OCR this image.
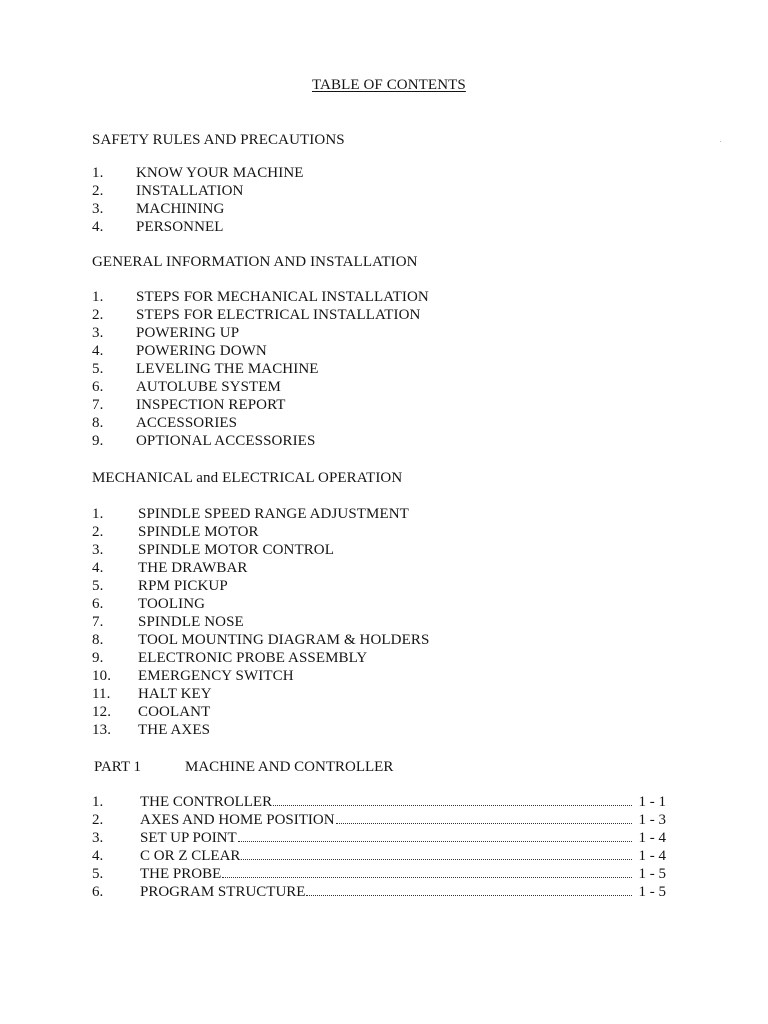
TABLE OF CONTENTS
SAFETY RULES AND PRECAUTIONS
1. KNOW YOUR MACHINE
2. INSTALLATION
3. MACHINING
4. PERSONNEL
GENERAL INFORMATION AND INSTALLATION
1. STEPS FOR MECHANICAL INSTALLATION
2. STEPS FOR ELECTRICAL INSTALLATION
3. POWERING UP
4. POWERING DOWN
5. LEVELING THE MACHINE
6. AUTOLUBE SYSTEM
7. INSPECTION REPORT
8. ACCESSORIES
9. OPTIONAL ACCESSORIES
MECHANICAL and ELECTRICAL OPERATION
1. SPINDLE SPEED RANGE ADJUSTMENT
2. SPINDLE MOTOR
3. SPINDLE MOTOR CONTROL
4. THE DRAWBAR
5. RPM PICKUP
6. TOOLING
7. SPINDLE NOSE
8. TOOL MOUNTING DIAGRAM & HOLDERS
9. ELECTRONIC PROBE ASSEMBLY
10. EMERGENCY SWITCH
11. HALT KEY
12. COOLANT
13. THE AXES
PART 1	MACHINE AND CONTROLLER
1.	THE CONTROLLER	1 - 1
2.	AXES AND HOME POSITION	1 - 3
3.	SET UP POINT	1 - 4
4.	C OR Z CLEAR	1 - 4
5.	THE PROBE	1 - 5
6.	PROGRAM STRUCTURE	1 - 5
